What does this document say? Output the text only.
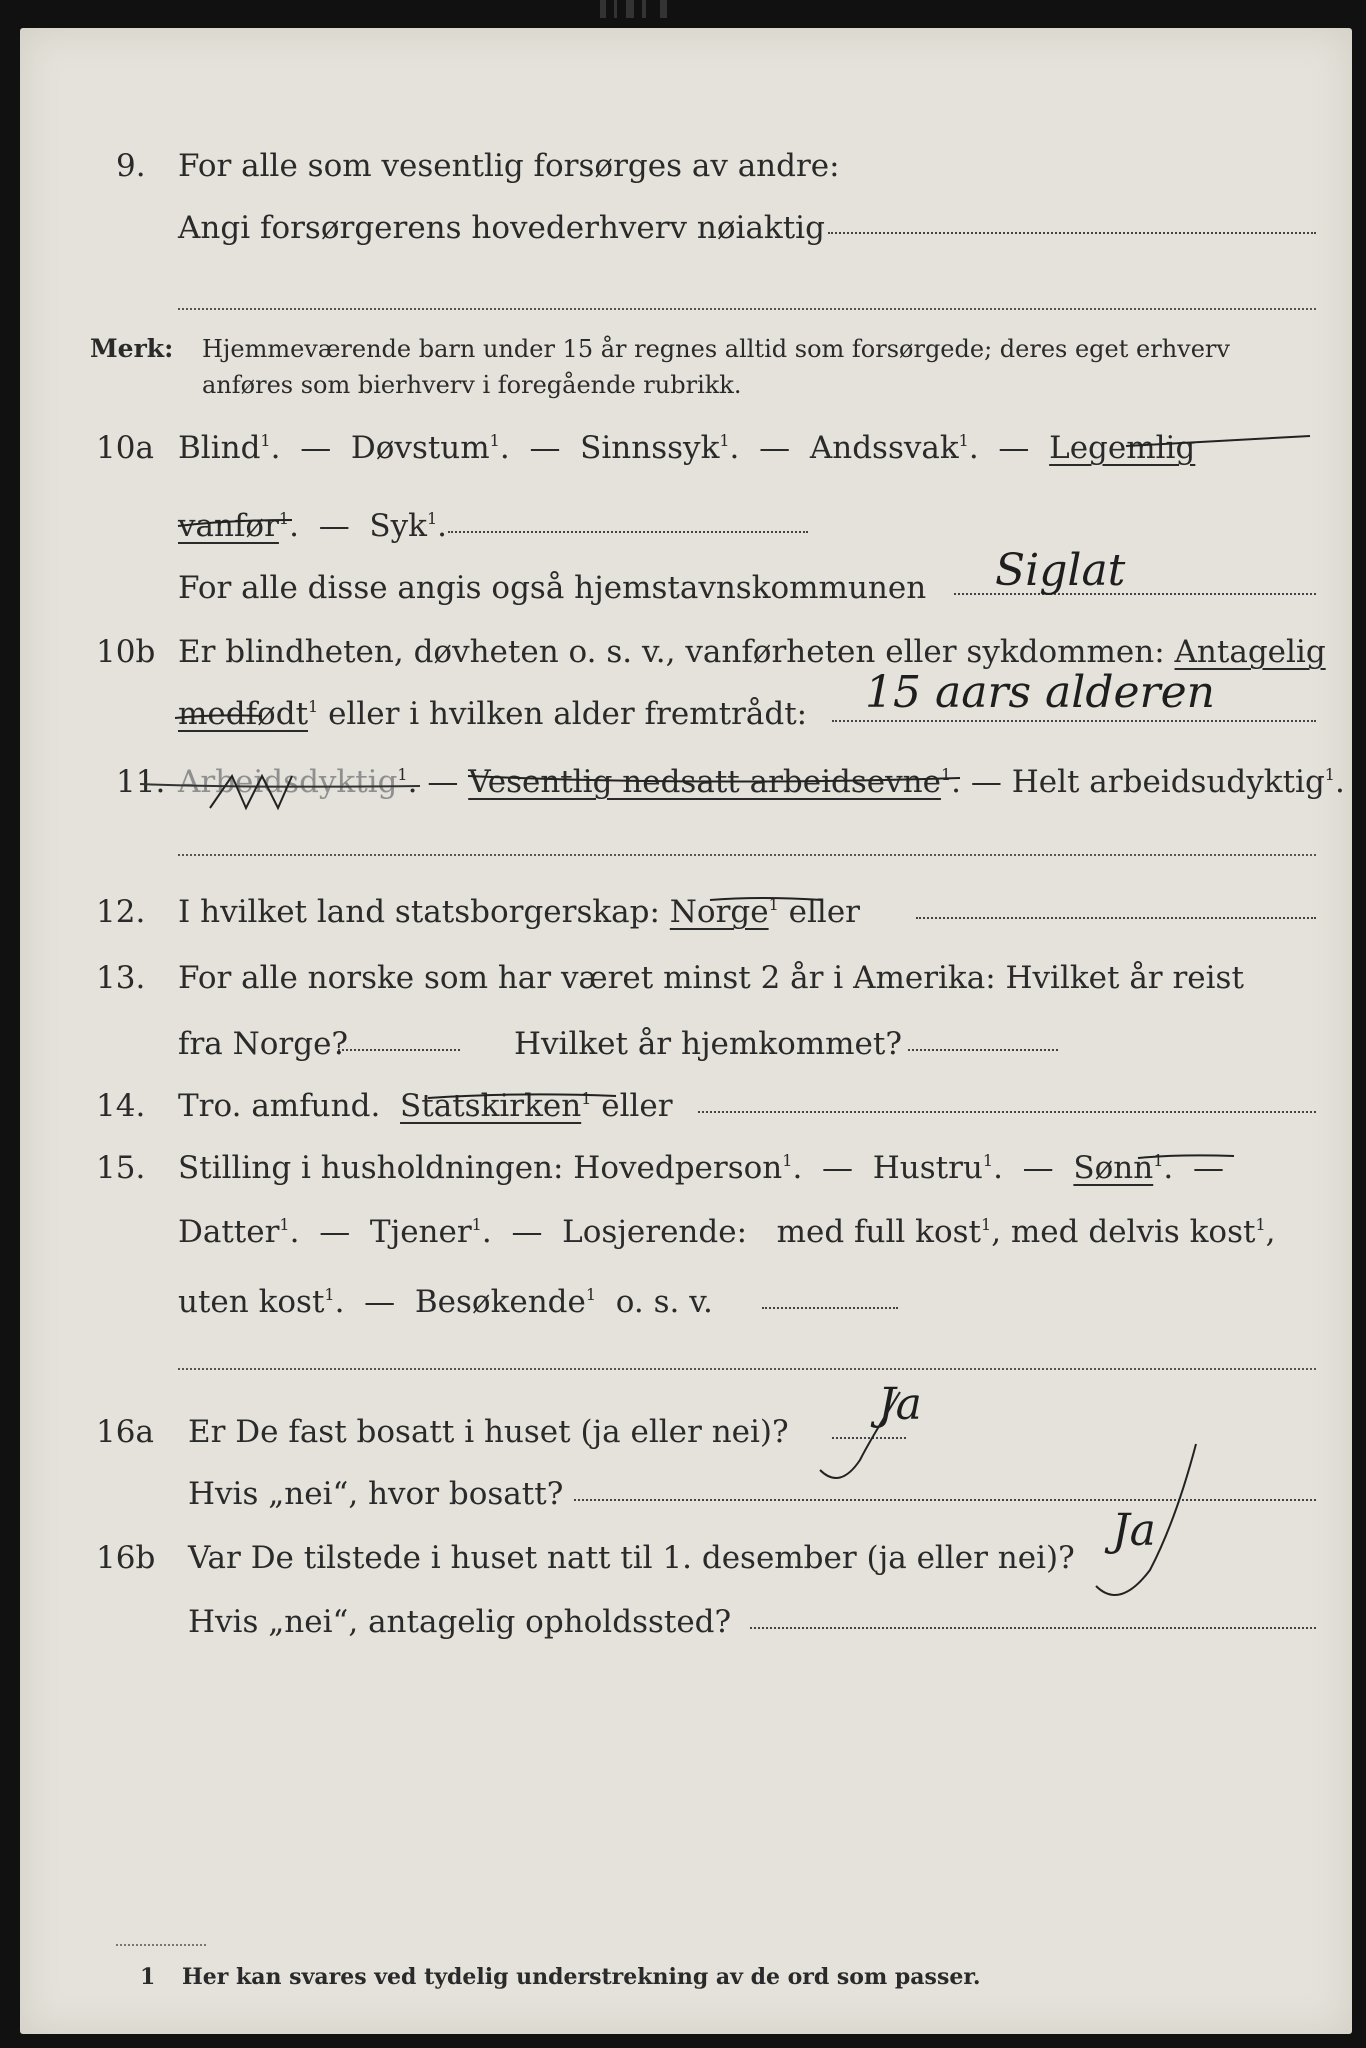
9. For alle som vesentlig forsørges av andre:
Angi forsørgerens hovederhverv nøiaktig
Merk: Hjemmeværende barn under 15 år regnes alltid som forsørgede; deres eget erhverv
anføres som bierhverv i foregående rubrikk.
10a Blind$^1$. — Døvstum$^1$. — Sinnssyk$^1$. — Andssvak$^1$. — Legemlig
vanfør$^1$. — Syk$^1$.
For alle disse angis også hjemstavnskommunen Siglat
10b Er blindheten, døvheten o. s. v., vanførheten eller sykdommen: Antagelig
medfødt$^1$ eller i hvilken alder fremtrådt: 15 aars alderen
11. Arbeidsdyktig$^1$. — Vesentlig nedsatt arbeidsevne$^1$. — Helt arbeidsudyktig$^1$.
12. I hvilket land statsborgerskap: Norge$^1$ eller
13. For alle norske som har været minst 2 år i Amerika: Hvilket år reist
fra Norge?	Hvilket år hjemkommet?
14. Tro. amfund. Statskirken$^1$ eller
15. Stilling i husholdningen: Hovedperson$^1$. — Hustru$^1$. — Sønn$^1$. —
Datter$^1$. — Tjener$^1$. — Losjerende: med full kost$^1$, med delvis kost$^1$,
uten kost$^1$. — Besøkende$^1$ o. s. v.
16a Er De fast bosatt i huset (ja eller nei)?
Ja
Hvis „nei“, hvor bosatt?
16b Var De tilstede i huset natt til 1. desember (ja eller nei)?
Ja
Hvis „nei“, antagelig opholdssted?
1 Her kan svares ved tydelig understrekning av de ord som passer.
